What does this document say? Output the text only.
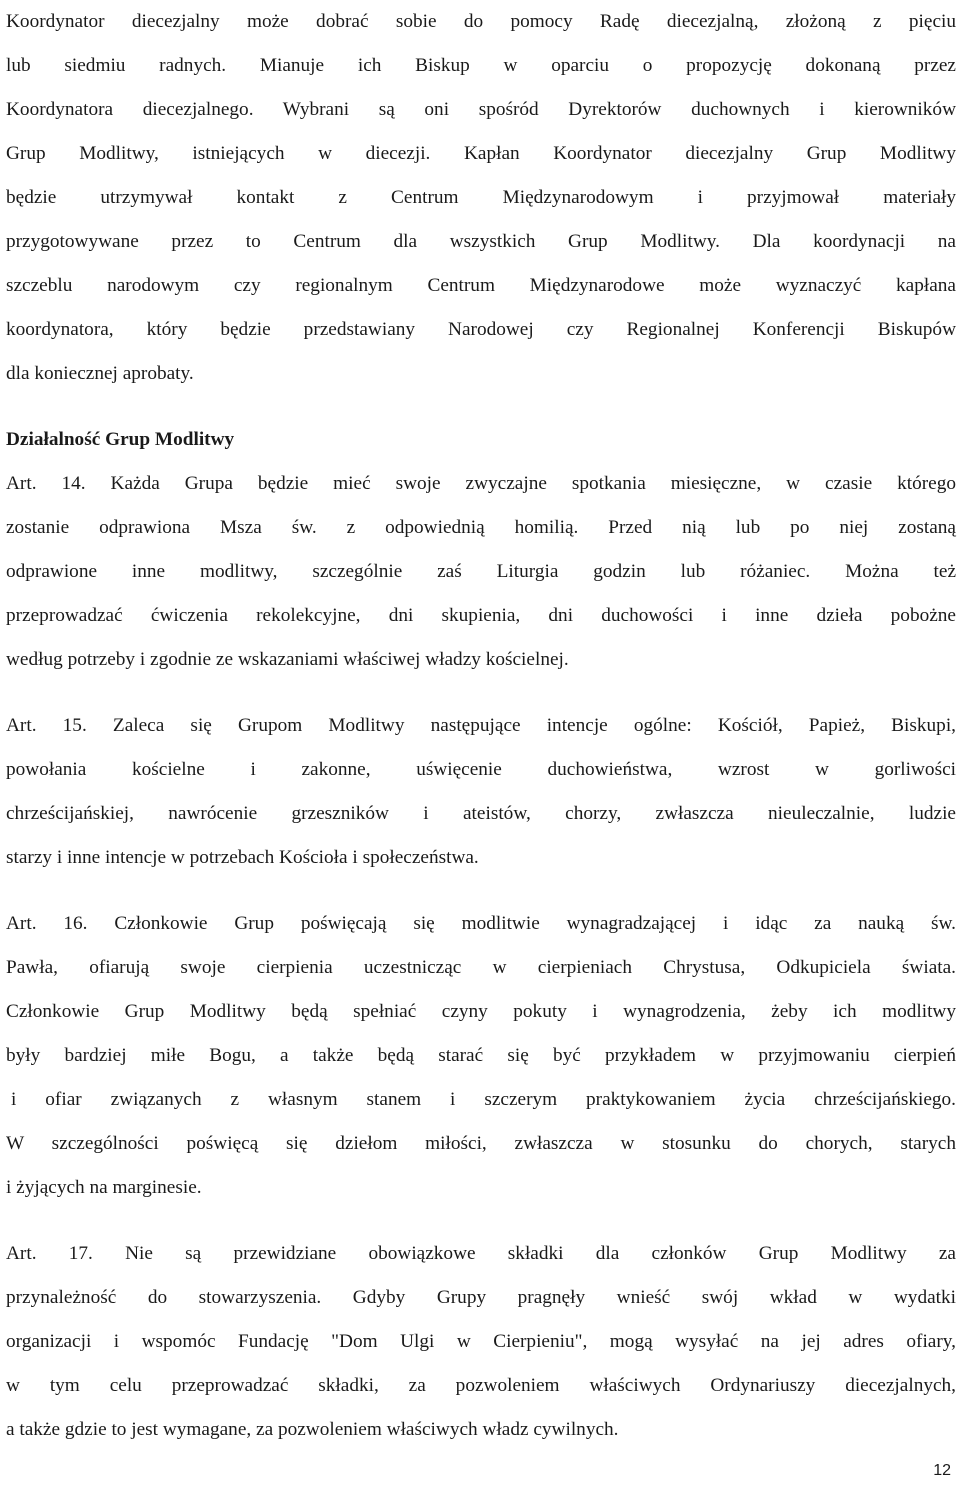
Koordynator diecezjalny może dobrać sobie do pomocy Radę diecezjalną, złożoną z pięciu
lub siedmiu radnych. Mianuje ich Biskup w oparciu o propozycję dokonaną przez
Koordynatora diecezjalnego. Wybrani są oni spośród Dyrektorów duchownych i kierowników
Grup Modlitwy, istniejących w diecezji. Kapłan Koordynator diecezjalny Grup Modlitwy
będzie utrzymywał kontakt z Centrum Międzynarodowym i przyjmował materiały
przygotowywane przez to Centrum dla wszystkich Grup Modlitwy. Dla koordynacji na
szczeblu narodowym czy regionalnym Centrum Międzynarodowe może wyznaczyć kapłana
koordynatora, który będzie przedstawiany Narodowej czy Regionalnej Konferencji Biskupów
dla koniecznej aprobaty.
Działalność Grup Modlitwy
Art. 14. Każda Grupa będzie mieć swoje zwyczajne spotkania miesięczne, w czasie którego
zostanie odprawiona Msza św. z odpowiednią homilią. Przed nią lub po niej zostaną
odprawione inne modlitwy, szczególnie zaś Liturgia godzin lub różaniec. Można też
przeprowadzać ćwiczenia rekolekcyjne, dni skupienia, dni duchowości i inne dzieła pobożne
według potrzeby i zgodnie ze wskazaniami właściwej władzy kościelnej.
Art. 15. Zaleca się Grupom Modlitwy następujące intencje ogólne: Kościół, Papież, Biskupi,
powołania kościelne i zakonne, uświęcenie duchowieństwa, wzrost w gorliwości
chrześcijańskiej, nawrócenie grzeszników i ateistów, chorzy, zwłaszcza nieuleczalnie, ludzie
starzy i inne intencje w potrzebach Kościoła i społeczeństwa.
Art. 16. Członkowie Grup poświęcają się modlitwie wynagradzającej i idąc za nauką św.
Pawła, ofiarują swoje cierpienia uczestnicząc w cierpieniach Chrystusa, Odkupiciela świata.
Członkowie Grup Modlitwy będą spełniać czyny pokuty i wynagrodzenia, żeby ich modlitwy
były bardziej miłe Bogu, a także będą starać się być przykładem w przyjmowaniu cierpień
i ofiar związanych z własnym stanem i szczerym praktykowaniem życia chrześcijańskiego.
W szczególności poświęcą się dziełom miłości, zwłaszcza w stosunku do chorych, starych
i żyjących na marginesie.
Art. 17. Nie są przewidziane obowiązkowe składki dla członków Grup Modlitwy za
przynależność do stowarzyszenia. Gdyby Grupy pragnęły wnieść swój wkład w wydatki
organizacji i wspomóc Fundację "Dom Ulgi w Cierpieniu", mogą wysyłać na jej adres ofiary,
w tym celu przeprowadzać składki, za pozwoleniem właściwych Ordynariuszy diecezjalnych,
a także gdzie to jest wymagane, za pozwoleniem właściwych władz cywilnych.
12
